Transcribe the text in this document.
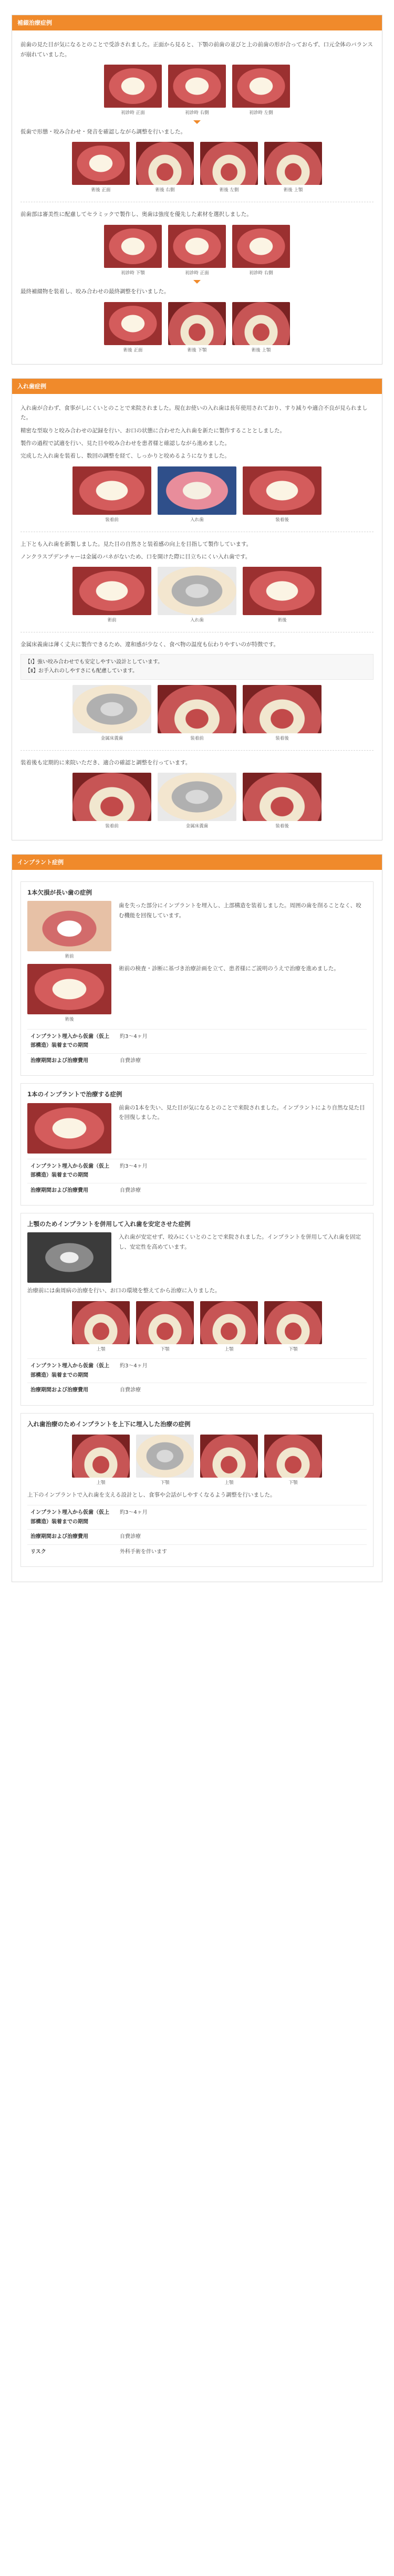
補綴治療症例

前歯の見た目が気になるとのことで受診されました。正面から見ると、下顎の前歯の並びと上の前歯の形が合っておらず、口元全体のバランスが崩れていました。

初診時 正面	初診時 右側	初診時 左側

仮歯で形態・咬み合わせ・発音を確認しながら調整を行いました。

術後 正面	術後 右側	術後 左側	術後 上顎

前歯部は審美性に配慮してセラミックで製作し、奥歯は強度を優先した素材を選択しました。

初診時 下顎	初診時 正面	初診時 右側

最終補綴物を装着し、咬み合わせの最終調整を行いました。

術後 正面	術後 下顎	術後 上顎
入れ歯症例

入れ歯が合わず、食事がしにくいとのことで来院されました。現在お使いの入れ歯は長年使用されており、すり減りや適合不良が見られました。

精密な型取りと咬み合わせの記録を行い、お口の状態に合わせた入れ歯を新たに製作することとしました。

製作の過程で試適を行い、見た目や咬み合わせを患者様と確認しながら進めました。

完成した入れ歯を装着し、数回の調整を経て、しっかりと咬めるようになりました。

装着前	入れ歯	装着後

上下とも入れ歯を新製しました。見た目の自然さと装着感の向上を目指して製作しています。

ノンクラスプデンチャーは金属のバネがないため、口を開けた際に目立ちにくい入れ歯です。

術前	入れ歯	術後

金属床義歯は薄く丈夫に製作できるため、違和感が少なく、食べ物の温度も伝わりやすいのが特徴です。

【Ⅰ】強い咬み合わせでも安定しやすい設計としています。
【Ⅱ】お手入れのしやすさにも配慮しています。
金属床義歯	装着前	装着後

装着後も定期的に来院いただき、適合の確認と調整を行っています。

装着前	金属床義歯	装着後
インプラント症例
1本欠損が長い歯の症例
術前

歯を失った部分にインプラントを埋入し、上部構造を装着しました。周囲の歯を削ることなく、咬む機能を回復しています。

術後

術前の検査・診断に基づき治療計画を立て、患者様にご説明のうえで治療を進めました。

インプラント埋入から仮歯（仮上部構造）装着までの期間	約3〜4ヶ月
治療期間および治療費用	自費診療
1本のインプラントで治療する症例

前歯の1本を失い、見た目が気になるとのことで来院されました。インプラントにより自然な見た目を回復しました。

インプラント埋入から仮歯（仮上部構造）装着までの期間	約3〜4ヶ月
治療期間および治療費用	自費診療
上顎のためインプラントを併用して入れ歯を安定させた症例

入れ歯が安定せず、咬みにくいとのことで来院されました。インプラントを併用して入れ歯を固定し、安定性を高めています。

治療前には歯周病の治療を行い、お口の環境を整えてから治療に入りました。

上顎	下顎	上顎	下顎
インプラント埋入から仮歯（仮上部構造）装着までの期間	約3〜4ヶ月
治療期間および治療費用	自費診療
入れ歯治療のためインプラントを上下に埋入した治療の症例
上顎	下顎	上顎	下顎

上下のインプラントで入れ歯を支える設計とし、食事や会話がしやすくなるよう調整を行いました。

インプラント埋入から仮歯（仮上部構造）装着までの期間	約3〜4ヶ月
治療期間および治療費用	自費診療
リスク	外科手術を伴います
